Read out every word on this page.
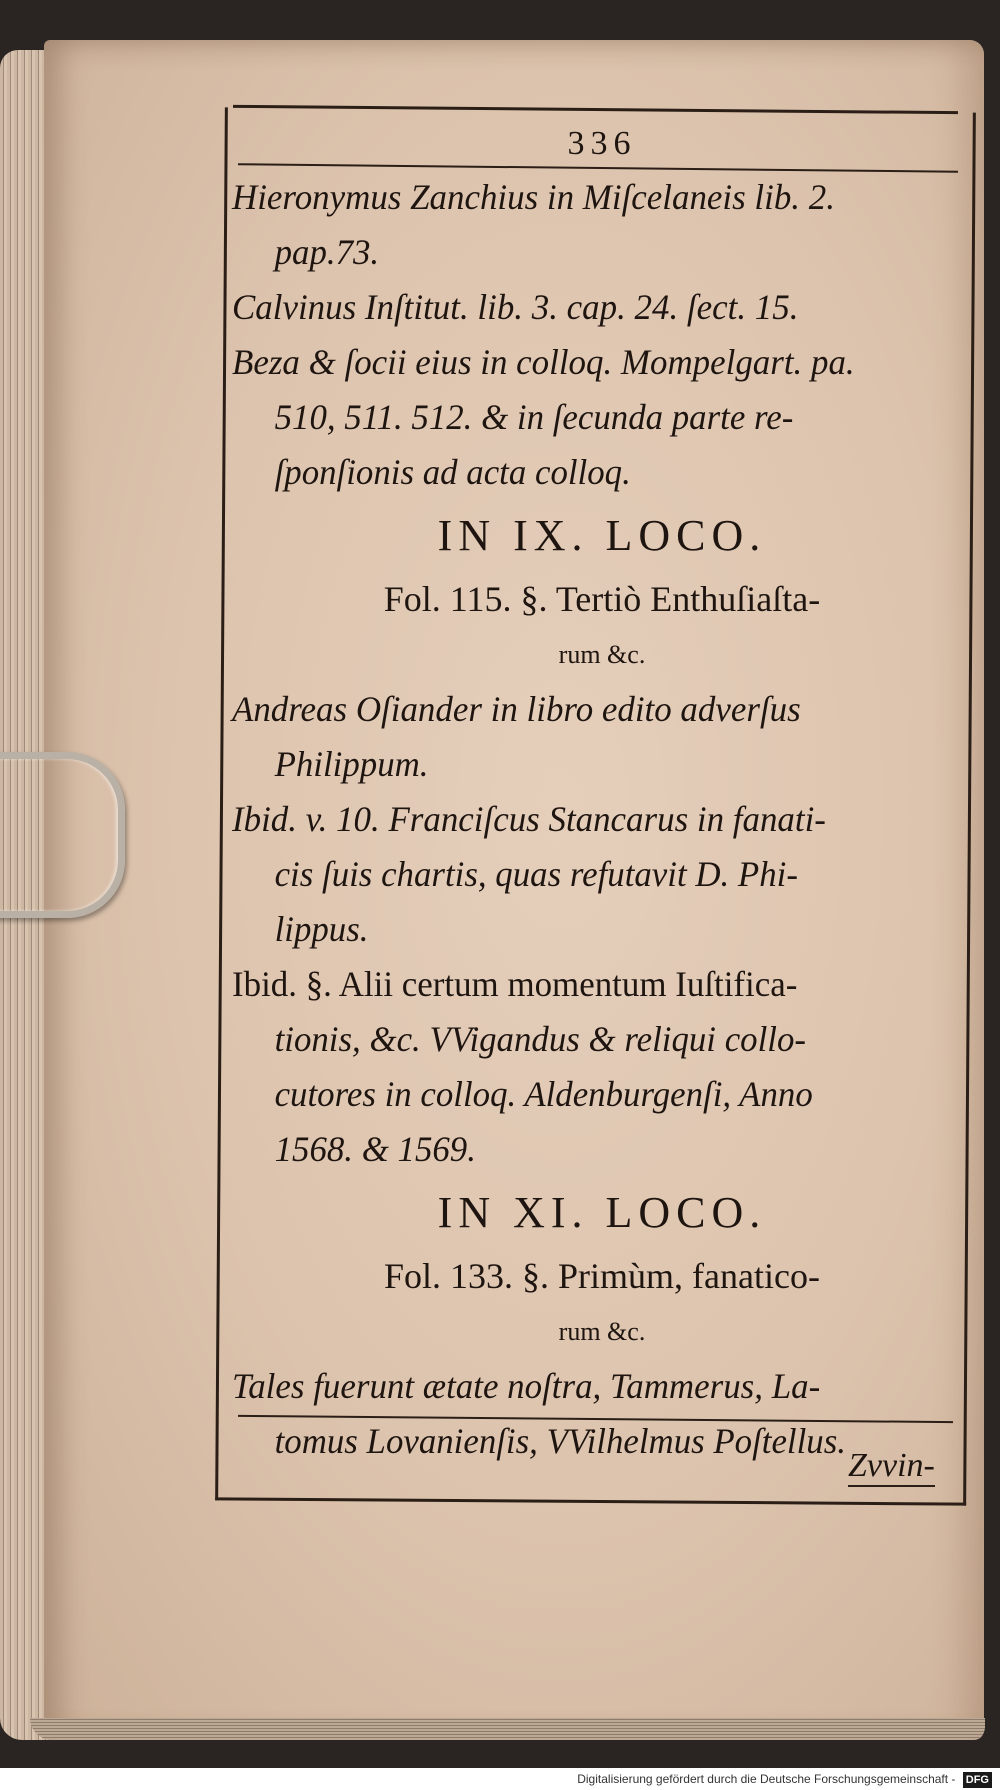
336
Hieronymus Zanchius in Miſcelaneis lib. 2.
pap.73.
Calvinus Inſtitut. lib. 3. cap. 24. ſect. 15.
Beza & ſocii eius in colloq. Mompelgart. pa.
510, 511. 512. & in ſecunda parte re-
ſponſionis ad acta colloq.
IN IX. LOCO.
Fol. 115. §. Tertiò Enthuſiaſta-
rum &c.
Andreas Oſiander in libro edito adverſus
Philippum.
Ibid. v. 10. Franciſcus Stancarus in fanati-
cis ſuis chartis, quas refutavit D. Phi-
lippus.
Ibid. §. Alii certum momentum Iuſtifica-
tionis, &c. VVigandus & reliqui collo-
cutores in colloq. Aldenburgenſi, Anno
1568. & 1569.
IN XI. LOCO.
Fol. 133. §. Primùm, fanatico-
rum &c.
Tales fuerunt ætate noſtra, Tammerus, La-
tomus Lovanienſis, VVilhelmus Poſtellus.
Zvvin-
Digitalisierung gefördert durch die Deutsche Forschungsgemeinschaft - DFG
